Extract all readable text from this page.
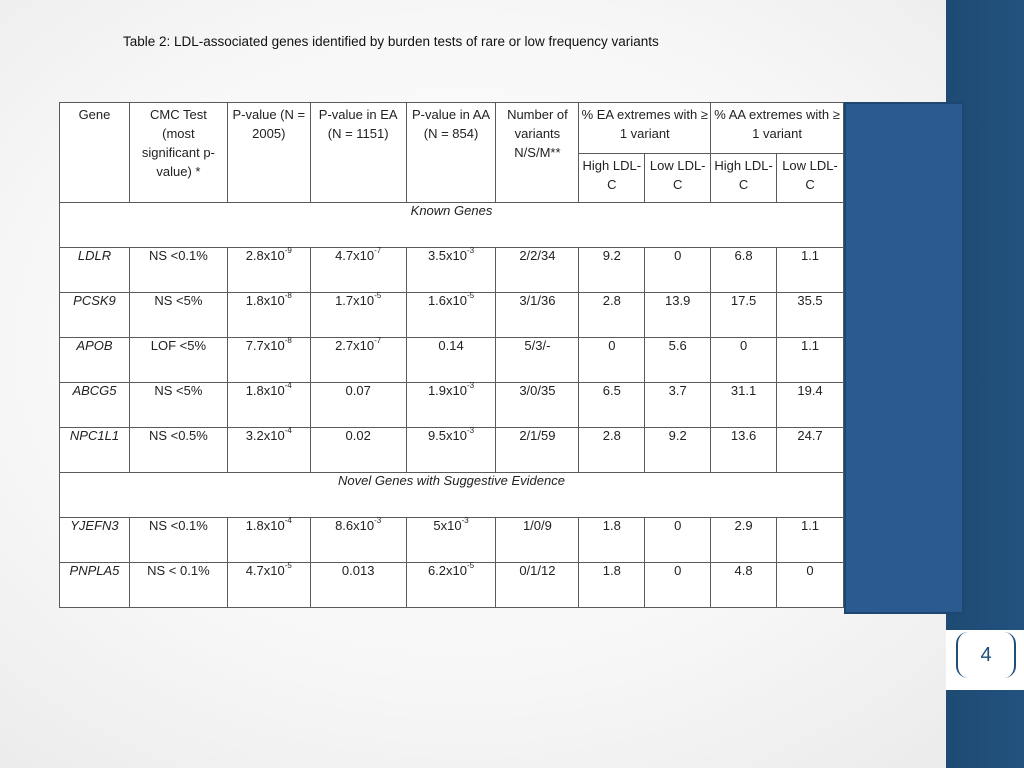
4
Table 2: LDL-associated genes identified by burden tests of rare or low frequency variants
Gene	CMC Test (most significant p-value) *	P-value (N = 2005)	P-value in EA (N = 1151)	P-value in AA (N = 854)	Number of variants N/S/M**	% EA extremes with ≥ 1 variant		% AA extremes with ≥ 1 variant	
						High LDL-C	Low LDL-C	High LDL-C	Low LDL-C
Known Genes									
LDLR	NS <0.1%	$2.8x10^{-9}$	$4.7x10^{-7}$	$3.5x10^{-3}$	2/2/34	9.2	0	6.8	1.1
PCSK9	NS <5%	$1.8x10^{-8}$	$1.7x10^{-5}$	$1.6x10^{-5}$	3/1/36	2.8	13.9	17.5	35.5
APOB	LOF <5%	$7.7x10^{-8}$	$2.7x10^{-7}$	0.14	5/3/-	0	5.6	0	1.1
ABCG5	NS <5%	$1.8x10^{-4}$	0.07	$1.9x10^{-3}$	3/0/35	6.5	3.7	31.1	19.4
NPC1L1	NS <0.5%	$3.2x10^{-4}$	0.02	$9.5x10^{-3}$	2/1/59	2.8	9.2	13.6	24.7
Novel Genes with Suggestive Evidence									
YJEFN3	NS <0.1%	$1.8x10^{-4}$	$8.6x10^{-3}$	$5x10^{-3}$	1/0/9	1.8	0	2.9	1.1
PNPLA5	NS < 0.1%	$4.7x10^{-5}$	0.013	$6.2x10^{-5}$	0/1/12	1.8	0	4.8	0
